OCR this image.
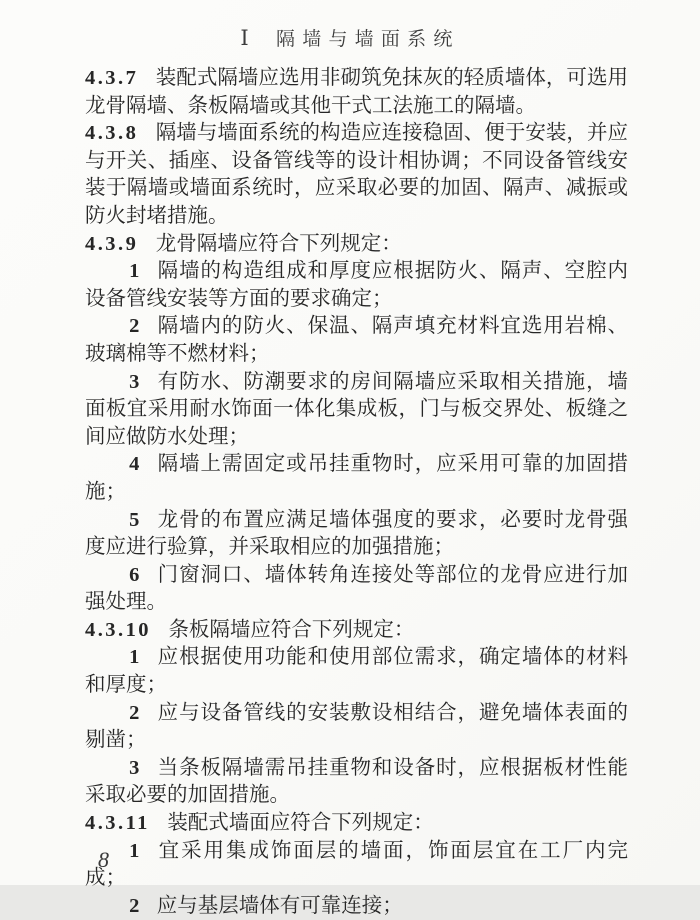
Ⅰ 隔墙与墙面系统

4.3.7 装配式隔墙应选用非砌筑免抹灰的轻质墙体，可选用龙骨隔墙、条板隔墙或其他干式工法施工的隔墙。

4.3.8 隔墙与墙面系统的构造应连接稳固、便于安装，并应与开关、插座、设备管线等的设计相协调；不同设备管线安装于隔墙或墙面系统时，应采取必要的加固、隔声、减振或防火封堵措施。

4.3.9 龙骨隔墙应符合下列规定：

1 隔墙的构造组成和厚度应根据防火、隔声、空腔内设备管线安装等方面的要求确定；

2 隔墙内的防火、保温、隔声填充材料宜选用岩棉、玻璃棉等不燃材料；

3 有防水、防潮要求的房间隔墙应采取相关措施，墙面板宜采用耐水饰面一体化集成板，门与板交界处、板缝之间应做防水处理；

4 隔墙上需固定或吊挂重物时，应采用可靠的加固措施；

5 龙骨的布置应满足墙体强度的要求，必要时龙骨强度应进行验算，并采取相应的加强措施；

6 门窗洞口、墙体转角连接处等部位的龙骨应进行加强处理。

4.3.10 条板隔墙应符合下列规定：

1 应根据使用功能和使用部位需求，确定墙体的材料和厚度；

2 应与设备管线的安装敷设相结合，避免墙体表面的剔凿；

3 当条板隔墙需吊挂重物和设备时，应根据板材性能采取必要的加固措施。

4.3.11 装配式墙面应符合下列规定：

1 宜采用集成饰面层的墙面，饰面层宜在工厂内完成；

2 应与基层墙体有可靠连接；

8
